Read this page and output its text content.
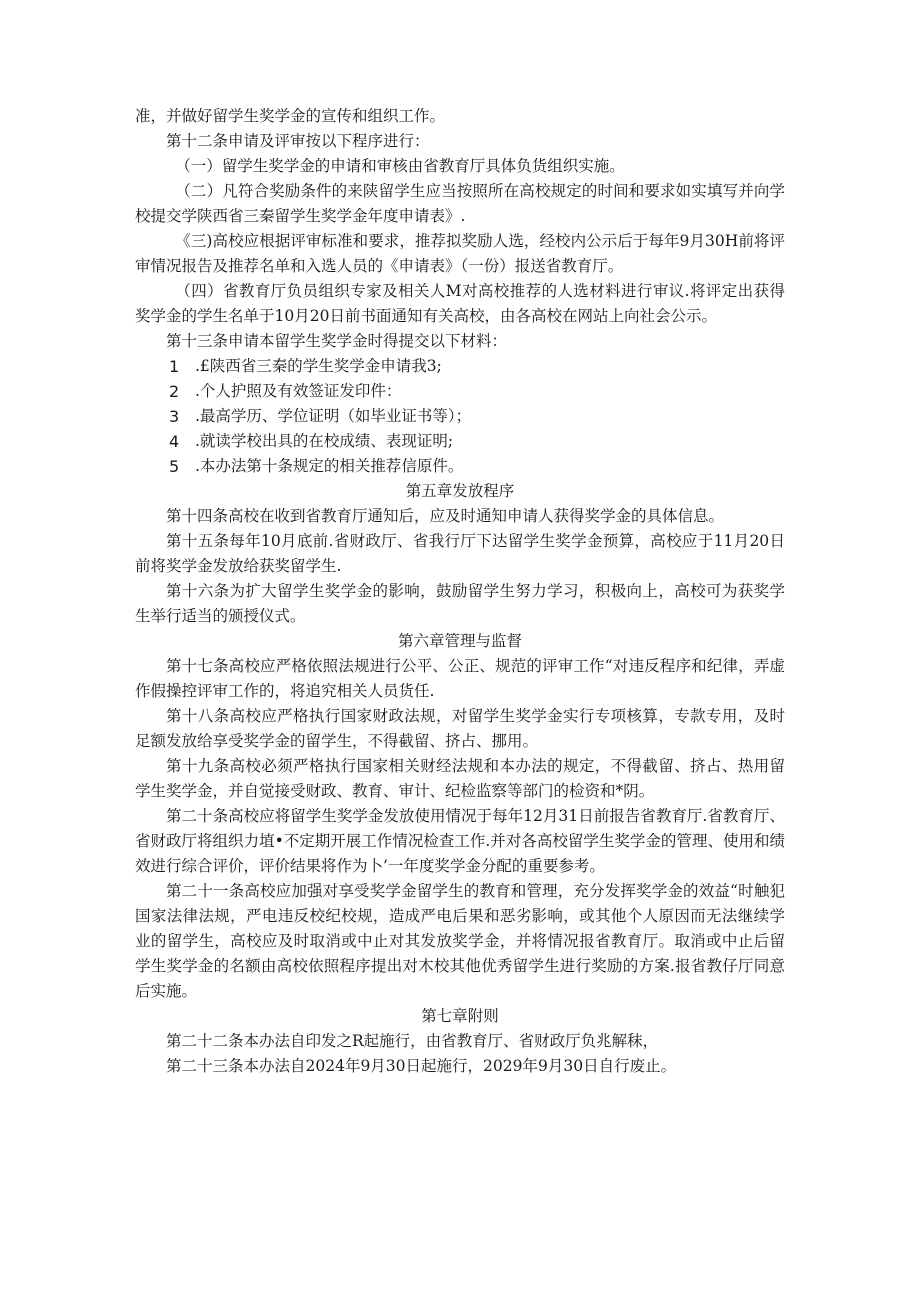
准，并做好留学生奖学金的宣传和组织工作。

第十二条申请及评审按以下程序进行：

（一）留学生奖学金的申请和审核由省教育厅具体负货组织实施。

（二）凡符合奖励条件的来陕留学生应当按照所在高校规定的时间和要求如实填写并向学校提交学陕西省三秦留学生奖学金年度申请表》.

《三)高校应根据评审标准和要求，推荐拟奖励人选，经校内公示后于每年9月30H前将评审情况报告及推荐名单和入选人员的《申请表》（一份）报送省教育厅。

（四）省教育厅负员组织专家及相关人M对高校推荐的人选材料进行审议.将评定出获得奖学金的学生名单于10月20日前书面通知有关高校，由各高校在网站上向社会公示。

第十三条申请本留学生奖学金时得提交以下材料：

1	.£陕西省三秦的学生奖学金申请我3;
2	.个人护照及有效签证发印件：
3	.最高学历、学位证明（如毕业证书等）；
4	.就读学校出具的在校成绩、表现证明;
5	.本办法第十条规定的相关推荐信原件。
第五章发放程序

第十四条高校在收到省教育厅通知后，应及时通知申请人获得奖学金的具体信息。

第十五条每年10月底前.省财政厅、省我行厅下达留学生奖学金预算，高校应于11月20日前将奖学金发放给获奖留学生.

第十六条为扩大留学生奖学金的影响，鼓励留学生努力学习，积极向上，高校可为获奖学生举行适当的颁授仪式。

第六章管理与监督

第十七条高校应严格依照法规进行公平、公正、规范的评审工作“对违反程序和纪律，弄虚作假操控评审工作的，将追究相关人员货任.

第十八条高校应严格执行国家财政法规，对留学生奖学金实行专项核算，专款专用，及时足额发放给享受奖学金的留学生，不得截留、挤占、挪用。

第十九条高校必须严格执行国家相关财经法规和本办法的规定，不得截留、挤占、热用留学生奖学金，并自觉接受财政、教育、审计、纪检监察等部门的检资和*阴。

第二十条高校应将留学生奖学金发放使用情况于每年12月31日前报告省教育厅.省教育厅、省财政厅将组织力埴•不定期开展工作情况检查工作.并对各高校留学生奖学金的管理、使用和绩效进行综合评价，评价结果将作为卜’一年度奖学金分配的重要参考。

第二十一条高校应加强对享受奖学金留学生的教育和管理，充分发挥奖学金的效益“时触犯国家法律法规，严电违反校纪校规，造成严电后果和恶劣影响，或其他个人原因而无法继续学业的留学生，高校应及时取消或中止对其发放奖学金，并将情况报省教育厅。取消或中止后留学生奖学金的名额由高校依照程序提出对木校其他优秀留学生进行奖励的方案.报省教仔厅同意后实施。

第七章附则

第二十二条本办法自印发之R起施行，由省教育厅、省财政厅负兆解秣，

第二十三条本办法自2024年9月30日起施行，2029年9月30日自行废止。
